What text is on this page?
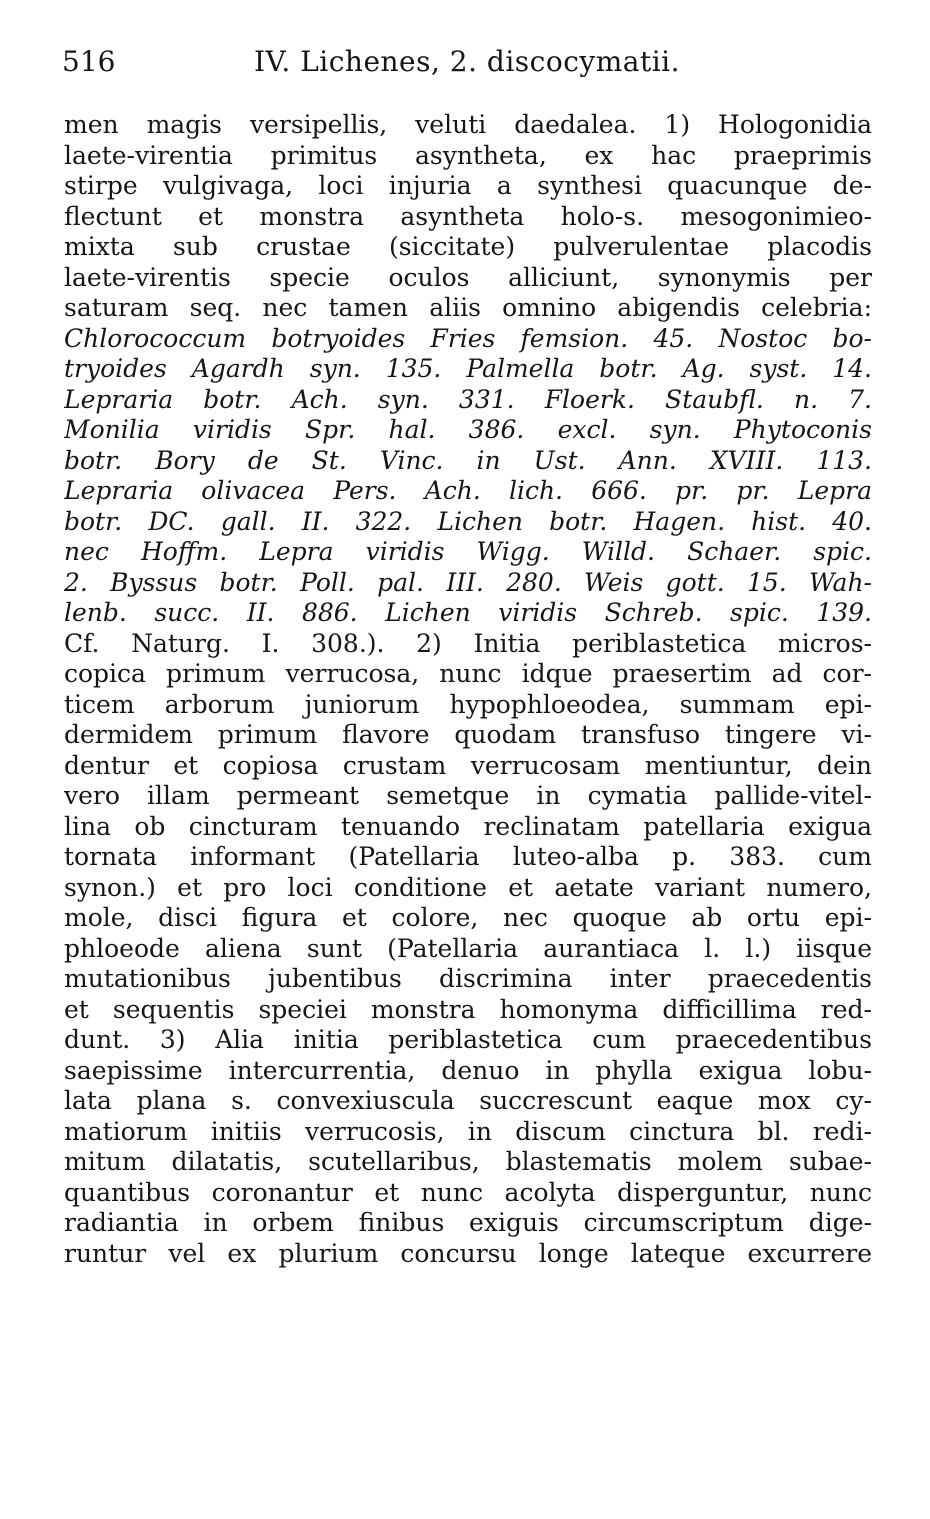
516	IV. Lichenes, 2. discocymatii.
men magis versipellis, veluti daedalea. 1) Hologonidia
laete-virentia primitus asyntheta, ex hac praeprimis
stirpe vulgivaga, loci injuria a synthesi quacunque de-
flectunt et monstra asyntheta holo-s. mesogonimieo-
mixta sub crustae (siccitate) pulverulentae placodis
laete-virentis specie oculos alliciunt, synonymis per
saturam seq. nec tamen aliis omnino abigendis celebria:
Chlorococcum botryoides Fries femsion. 45. Nostoc bo-
tryoides Agardh syn. 135. Palmella botr. Ag. syst. 14.
Lepraria botr. Ach. syn. 331. Floerk. Staubfl. n. 7.
Monilia viridis Spr. hal. 386. excl. syn. Phytoconis
botr. Bory de St. Vinc. in Ust. Ann. XVIII. 113.
Lepraria olivacea Pers. Ach. lich. 666. pr. pr. Lepra
botr. DC. gall. II. 322. Lichen botr. Hagen. hist. 40.
nec Hoffm. Lepra viridis Wigg. Willd. Schaer. spic.
2. Byssus botr. Poll. pal. III. 280. Weis gott. 15. Wah-
lenb. succ. II. 886. Lichen viridis Schreb. spic. 139.
Cf. Naturg. I. 308.). 2) Initia periblastetica micros-
copica primum verrucosa, nunc idque praesertim ad cor-
ticem arborum juniorum hypophloeodea, summam epi-
dermidem primum flavore quodam transfuso tingere vi-
dentur et copiosa crustam verrucosam mentiuntur, dein
vero illam permeant semetque in cymatia pallide-vitel-
lina ob cincturam tenuando reclinatam patellaria exigua
tornata informant (Patellaria luteo-alba p. 383. cum
synon.) et pro loci conditione et aetate variant numero,
mole, disci figura et colore, nec quoque ab ortu epi-
phloeode aliena sunt (Patellaria aurantiaca l. l.) iisque
mutationibus jubentibus discrimina inter praecedentis
et sequentis speciei monstra homonyma difficillima red-
dunt. 3) Alia initia periblastetica cum praecedentibus
saepissime intercurrentia, denuo in phylla exigua lobu-
lata plana s. convexiuscula succrescunt eaque mox cy-
matiorum initiis verrucosis, in discum cinctura bl. redi-
mitum dilatatis, scutellaribus, blastematis molem subae-
quantibus coronantur et nunc acolyta disperguntur, nunc
radiantia in orbem finibus exiguis circumscriptum dige-
runtur vel ex plurium concursu longe lateque excurrere
